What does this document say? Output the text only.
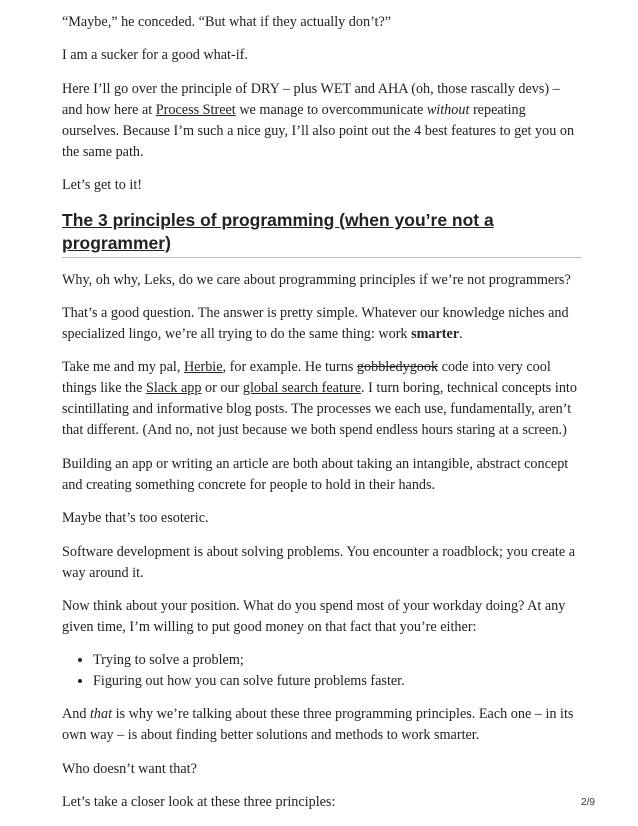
“Maybe,” he conceded. “But what if they actually don’t?”

I am a sucker for a good what-if.

Here I’ll go over the principle of DRY – plus WET and AHA (oh, those rascally devs) – and how here at Process Street we manage to overcommunicate without repeating ourselves. Because I’m such a nice guy, I’ll also point out the 4 best features to get you on the same path.

Let’s get to it!

The 3 principles of programming (when you’re not a programmer)

Why, oh why, Leks, do we care about programming principles if we’re not programmers?

That’s a good question. The answer is pretty simple. Whatever our knowledge niches and specialized lingo, we’re all trying to do the same thing: work smarter.

Take me and my pal, Herbie, for example. He turns gobbledygook code into very cool things like the Slack app or our global search feature. I turn boring, technical concepts into scintillating and informative blog posts. The processes we each use, fundamentally, aren’t that different. (And no, not just because we both spend endless hours staring at a screen.)

Building an app or writing an article are both about taking an intangible, abstract concept and creating something concrete for people to hold in their hands.

Maybe that’s too esoteric.

Software development is about solving problems. You encounter a roadblock; you create a way around it.

Now think about your position. What do you spend most of your workday doing? At any given time, I’m willing to put good money on that fact that you’re either:

• Trying to solve a problem;
• Figuring out how you can solve future problems faster.

And that is why we’re talking about these three programming principles. Each one – in its own way – is about finding better solutions and methods to work smarter.

Who doesn’t want that?

Let’s take a closer look at these three principles:	2/9
